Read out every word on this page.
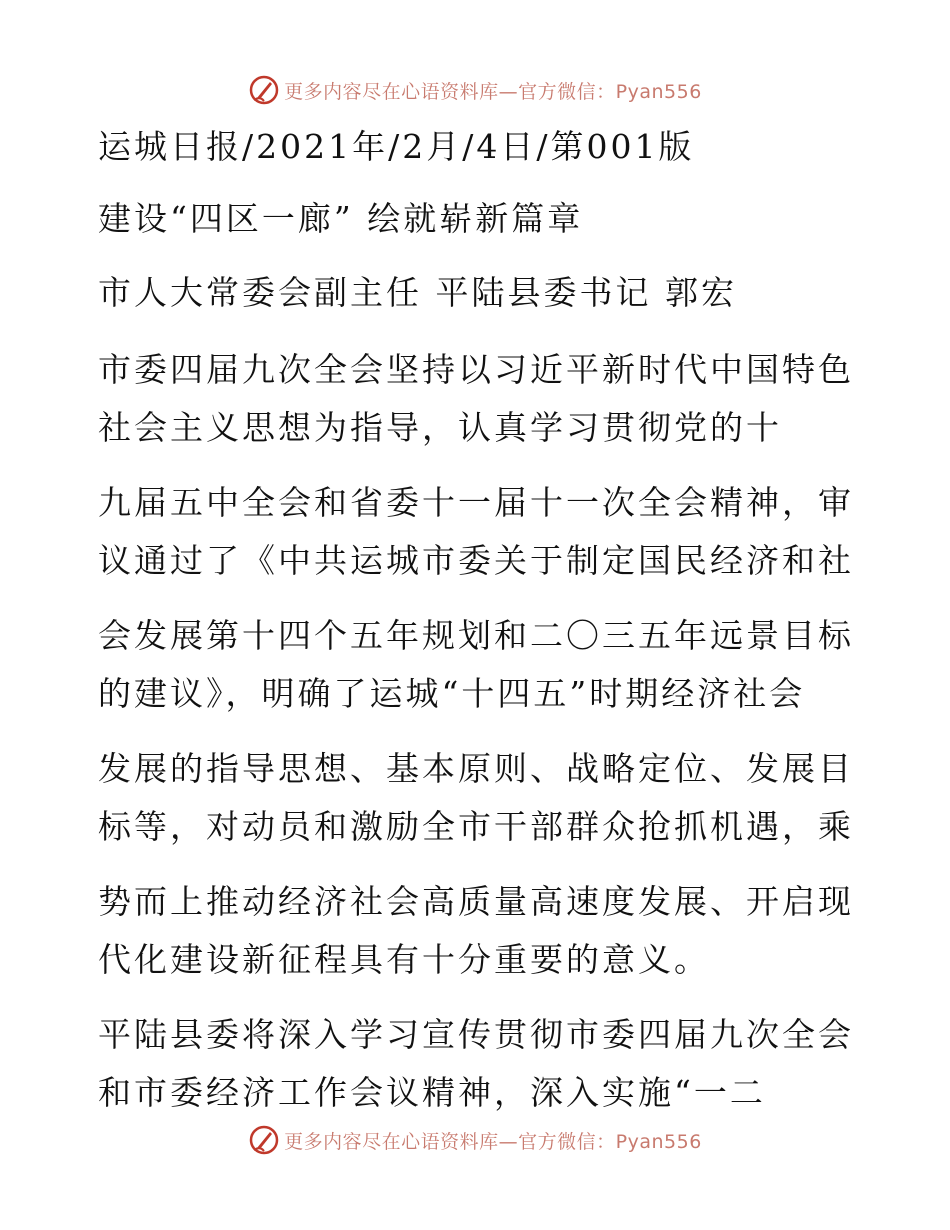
更多内容尽在心语资料库—官方微信：Pyan556
运城日报/2021年/2月/4日/第001版
建设“四区一廊” 绘就崭新篇章
市人大常委会副主任 平陆县委书记 郭宏
市委四届九次全会坚持以习近平新时代中国特色
社会主义思想为指导，认真学习贯彻党的十
九届五中全会和省委十一届十一次全会精神，审
议通过了《中共运城市委关于制定国民经济和社
会发展第十四个五年规划和二〇三五年远景目标
的建议》，明确了运城“十四五”时期经济社会
发展的指导思想、基本原则、战略定位、发展目
标等，对动员和激励全市干部群众抢抓机遇，乘
势而上推动经济社会高质量高速度发展、开启现
代化建设新征程具有十分重要的意义。
平陆县委将深入学习宣传贯彻市委四届九次全会
和市委经济工作会议精神，深入实施“一二
更多内容尽在心语资料库—官方微信：Pyan556
